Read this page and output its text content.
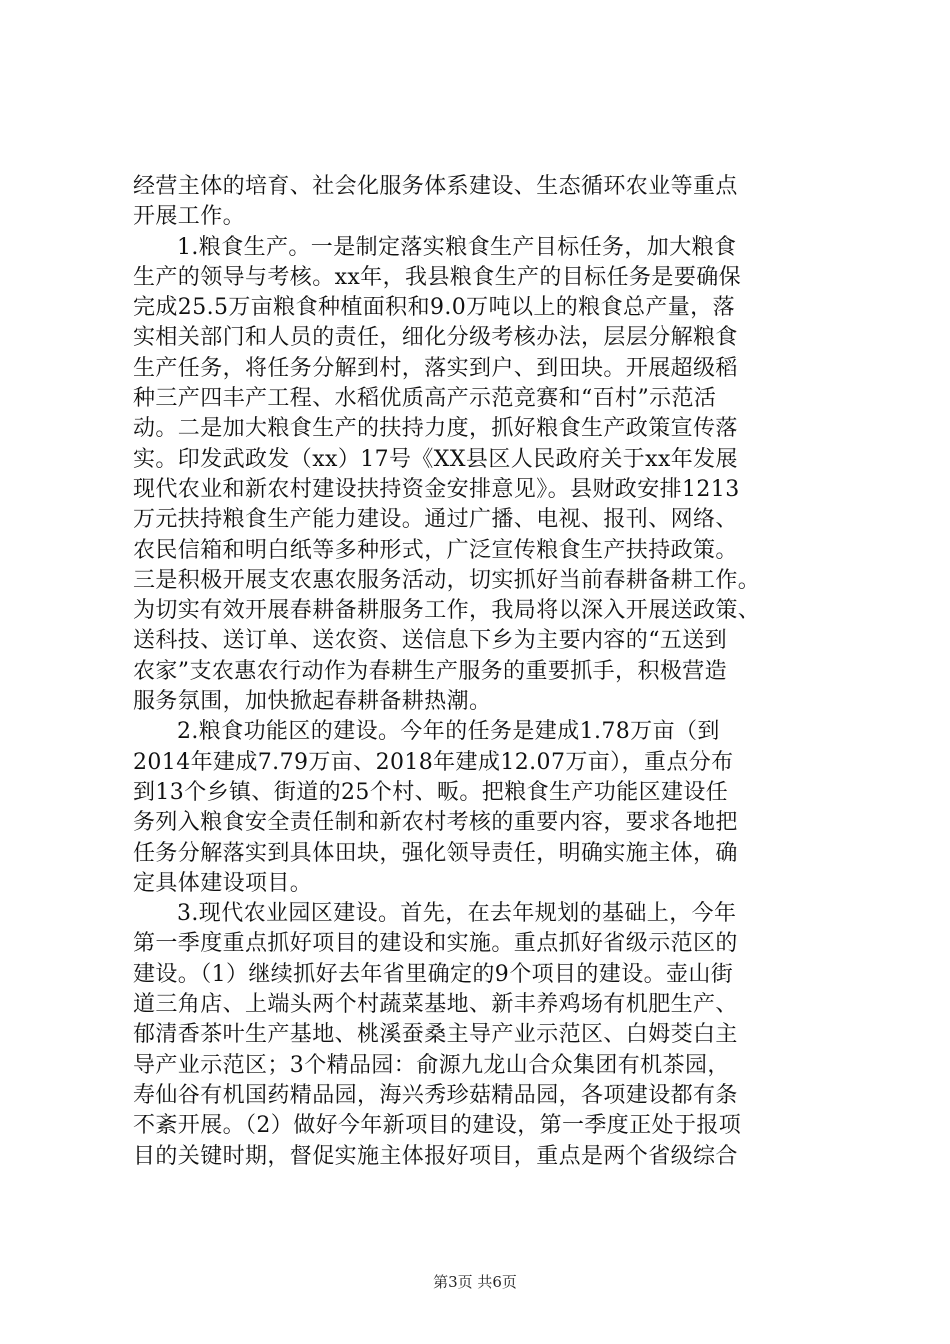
经营主体的培育、社会化服务体系建设、生态循环农业等重点
开展工作。
1.粮食生产。一是制定落实粮食生产目标任务，加大粮食
生产的领导与考核。xx年，我县粮食生产的目标任务是要确保
完成25.5万亩粮食种植面积和9.0万吨以上的粮食总产量，落
实相关部门和人员的责任，细化分级考核办法，层层分解粮食
生产任务，将任务分解到村，落实到户、到田块。开展超级稻
种三产四丰产工程、水稻优质高产示范竞赛和“百村”示范活
动。二是加大粮食生产的扶持力度，抓好粮食生产政策宣传落
实。印发武政发（xx）17号《XX县区人民政府关于xx年发展
现代农业和新农村建设扶持资金安排意见》。县财政安排1213
万元扶持粮食生产能力建设。通过广播、电视、报刊、网络、
农民信箱和明白纸等多种形式，广泛宣传粮食生产扶持政策。
三是积极开展支农惠农服务活动，切实抓好当前春耕备耕工作。
为切实有效开展春耕备耕服务工作，我局将以深入开展送政策、
送科技、送订单、送农资、送信息下乡为主要内容的“五送到
农家”支农惠农行动作为春耕生产服务的重要抓手，积极营造
服务氛围，加快掀起春耕备耕热潮。
2.粮食功能区的建设。今年的任务是建成1.78万亩（到
2014年建成7.79万亩、2018年建成12.07万亩），重点分布
到13个乡镇、街道的25个村、畈。把粮食生产功能区建设任
务列入粮食安全责任制和新农村考核的重要内容，要求各地把
任务分解落实到具体田块，强化领导责任，明确实施主体，确
定具体建设项目。
3.现代农业园区建设。首先，在去年规划的基础上，今年
第一季度重点抓好项目的建设和实施。重点抓好省级示范区的
建设。（1）继续抓好去年省里确定的9个项目的建设。壶山街
道三角店、上端头两个村蔬菜基地、新丰养鸡场有机肥生产、
郁清香茶叶生产基地、桃溪蚕桑主导产业示范区、白姆茭白主
导产业示范区；3个精品园：俞源九龙山合众集团有机茶园，
寿仙谷有机国药精品园，海兴秀珍菇精品园，各项建设都有条
不紊开展。（2）做好今年新项目的建设，第一季度正处于报项
目的关键时期，督促实施主体报好项目，重点是两个省级综合
第3页 共6页
